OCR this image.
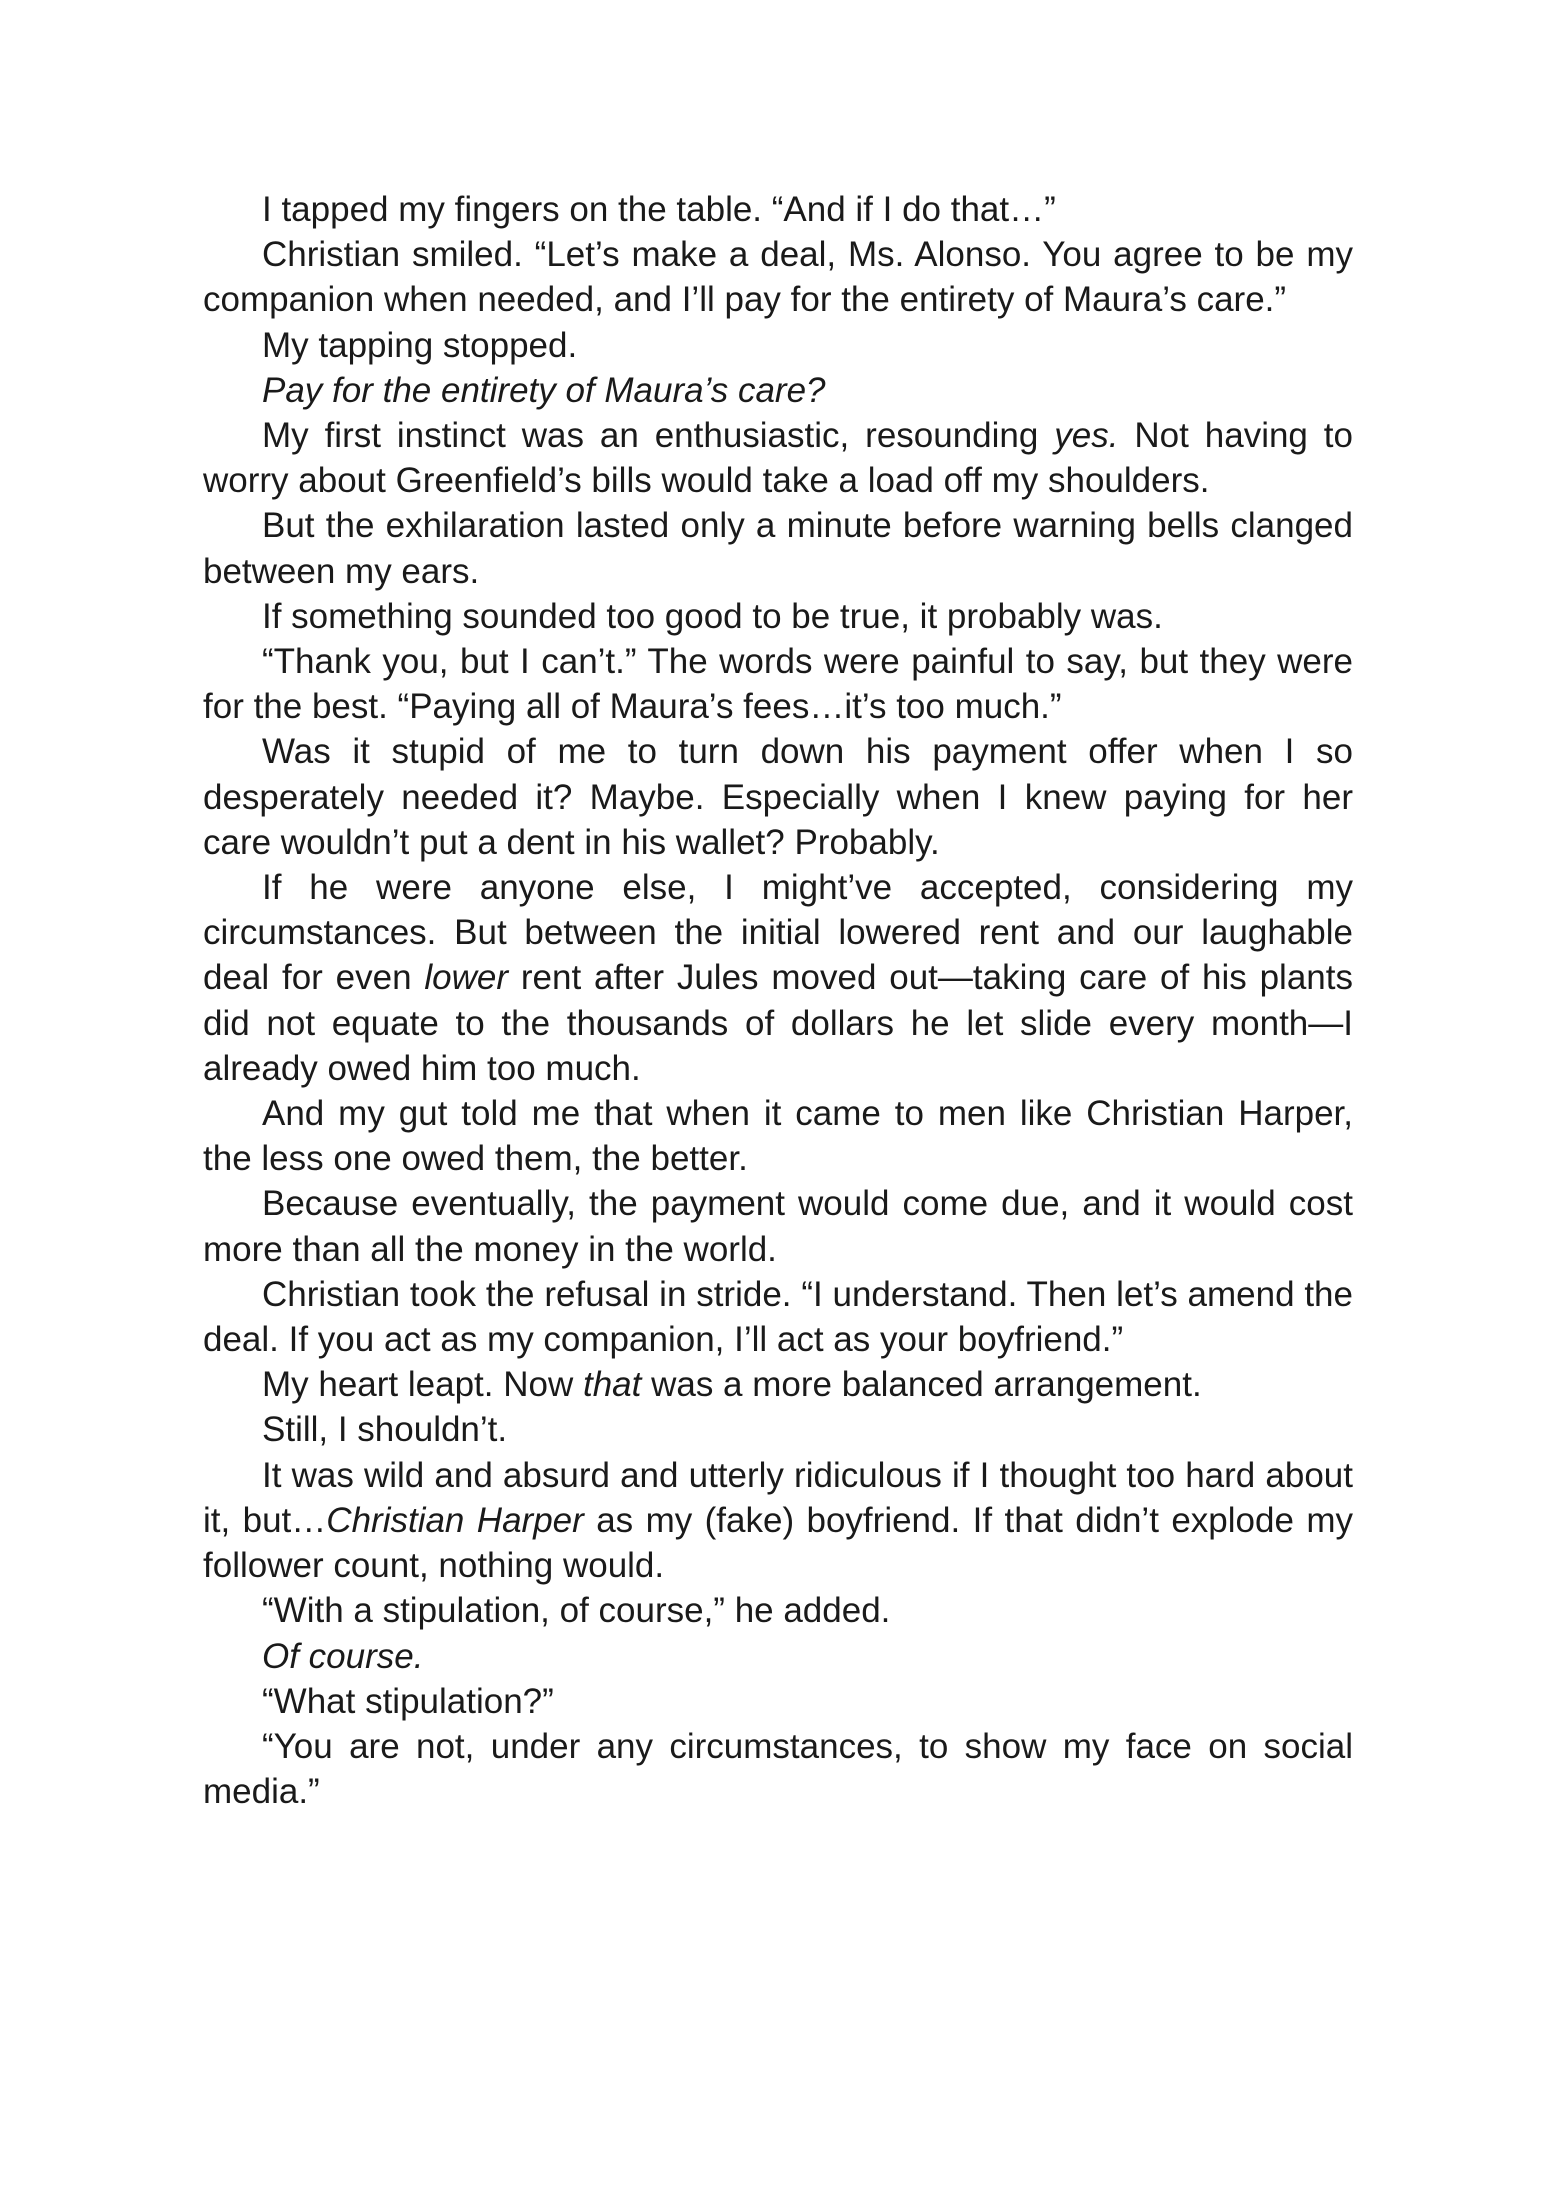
I tapped my fingers on the table. “And if I do that…”

Christian smiled. “Let’s make a deal, Ms. Alonso. You agree to be my companion when needed, and I’ll pay for the entirety of Maura’s care.”

My tapping stopped.

Pay for the entirety of Maura’s care?

My first instinct was an enthusiastic, resounding yes. Not having to worry about Greenfield’s bills would take a load off my shoulders.

But the exhilaration lasted only a minute before warning bells clanged between my ears.

If something sounded too good to be true, it probably was.

“Thank you, but I can’t.” The words were painful to say, but they were for the best. “Paying all of Maura’s fees…it’s too much.”

Was it stupid of me to turn down his payment offer when I so desperately needed it? Maybe. Especially when I knew paying for her care wouldn’t put a dent in his wallet? Probably.

If he were anyone else, I might’ve accepted, considering my circumstances. But between the initial lowered rent and our laughable deal for even lower rent after Jules moved out—taking care of his plants did not equate to the thousands of dollars he let slide every month—I already owed him too much.

And my gut told me that when it came to men like Christian Harper, the less one owed them, the better.

Because eventually, the payment would come due, and it would cost more than all the money in the world.

Christian took the refusal in stride. “I understand. Then let’s amend the deal. If you act as my companion, I’ll act as your boyfriend.”

My heart leapt. Now that was a more balanced arrangement.

Still, I shouldn’t.

It was wild and absurd and utterly ridiculous if I thought too hard about it, but…Christian Harper as my (fake) boyfriend. If that didn’t explode my follower count, nothing would.

“With a stipulation, of course,” he added.

Of course.

“What stipulation?”

“You are not, under any circumstances, to show my face on social media.”
